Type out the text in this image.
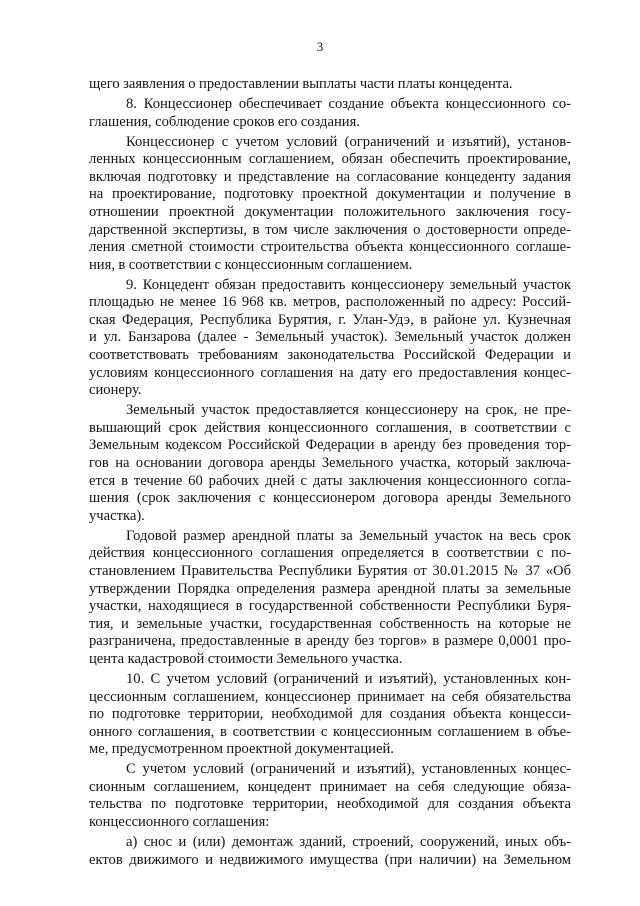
3

щего заявления о предоставлении выплаты части платы концедента.

8. Концессионер обеспечивает создание объекта концессионного со-
глашения, соблюдение сроков его создания.

Концессионер с учетом условий (ограничений и изъятий), установ-
ленных концессионным соглашением, обязан обеспечить проектирование,
включая подготовку и представление на согласование концеденту задания
на проектирование, подготовку проектной документации и получение в
отношении проектной документации положительного заключения госу-
дарственной экспертизы, в том числе заключения о достоверности опреде-
ления сметной стоимости строительства объекта концессионного соглаше-
ния, в соответствии с концессионным соглашением.

9. Концедент обязан предоставить концессионеру земельный участок
площадью не менее 16 968 кв. метров, расположенный по адресу: Россий-
ская Федерация, Республика Бурятия, г. Улан-Удэ, в районе ул. Кузнечная
и ул. Банзарова (далее - Земельный участок). Земельный участок должен
соответствовать требованиям законодательства Российской Федерации и
условиям концессионного соглашения на дату его предоставления концес-
сионеру.

Земельный участок предоставляется концессионеру на срок, не пре-
вышающий срок действия концессионного соглашения, в соответствии с
Земельным кодексом Российской Федерации в аренду без проведения тор-
гов на основании договора аренды Земельного участка, который заключа-
ется в течение 60 рабочих дней с даты заключения концессионного согла-
шения (срок заключения с концессионером договора аренды Земельного
участка).

Годовой размер арендной платы за Земельный участок на весь срок
действия концессионного соглашения определяется в соответствии с по-
становлением Правительства Республики Бурятия от 30.01.2015 № 37 «Об
утверждении Порядка определения размера арендной платы за земельные
участки, находящиеся в государственной собственности Республики Буря-
тия, и земельные участки, государственная собственность на которые не
разграничена, предоставленные в аренду без торгов» в размере 0,0001 про-
цента кадастровой стоимости Земельного участка.

10. С учетом условий (ограничений и изъятий), установленных кон-
цессионным соглашением, концессионер принимает на себя обязательства
по подготовке территории, необходимой для создания объекта концесси-
онного соглашения, в соответствии с концессионным соглашением в объе-
ме, предусмотренном проектной документацией.

С учетом условий (ограничений и изъятий), установленных концес-
сионным соглашением, концедент принимает на себя следующие обяза-
тельства по подготовке территории, необходимой для создания объекта
концессионного соглашения:

а) снос и (или) демонтаж зданий, строений, сооружений, иных объ-
ектов движимого и недвижимого имущества (при наличии) на Земельном
